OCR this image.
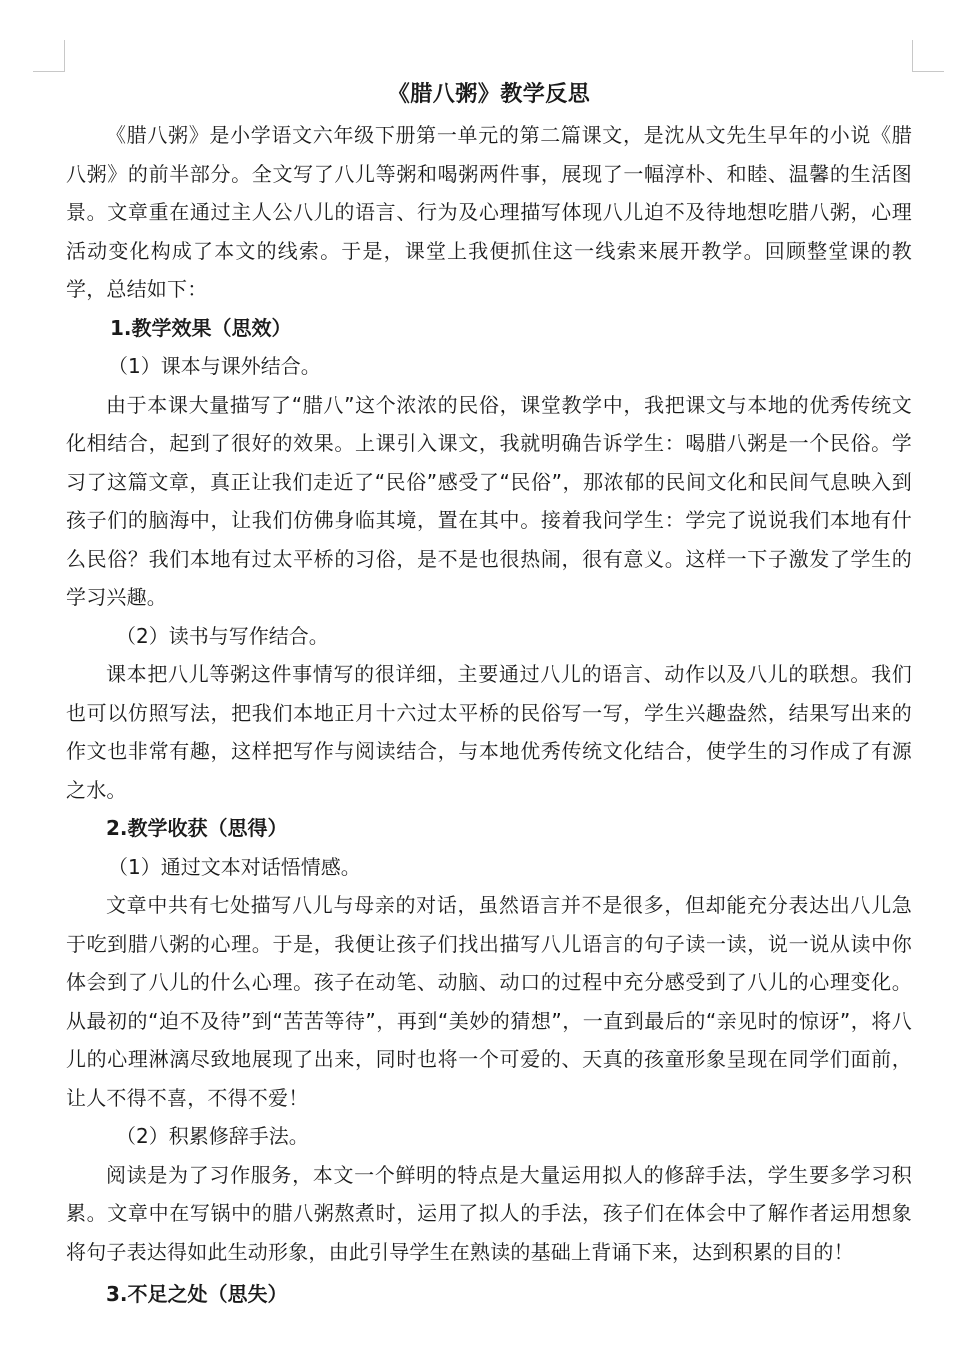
《腊八粥》教学反思

《腊八粥》是小学语文六年级下册第一单元的第二篇课文，是沈从文先生早年的小说《腊八粥》的前半部分。全文写了八儿等粥和喝粥两件事，展现了一幅淳朴、和睦、温馨的生活图景。文章重在通过主人公八儿的语言、行为及心理描写体现八儿迫不及待地想吃腊八粥，心理活动变化构成了本文的线索。于是，课堂上我便抓住这一线索来展开教学。回顾整堂课的教学，总结如下：

1.教学效果（思效）

（1）课本与课外结合。

由于本课大量描写了“腊八”这个浓浓的民俗，课堂教学中，我把课文与本地的优秀传统文化相结合，起到了很好的效果。上课引入课文，我就明确告诉学生：喝腊八粥是一个民俗。学习了这篇文章，真正让我们走近了“民俗”感受了“民俗”，那浓郁的民间文化和民间气息映入到孩子们的脑海中，让我们仿佛身临其境，置在其中。接着我问学生：学完了说说我们本地有什么民俗？我们本地有过太平桥的习俗，是不是也很热闹，很有意义。这样一下子激发了学生的学习兴趣。

（2）读书与写作结合。

课本把八儿等粥这件事情写的很详细，主要通过八儿的语言、动作以及八儿的联想。我们也可以仿照写法，把我们本地正月十六过太平桥的民俗写一写，学生兴趣盎然，结果写出来的作文也非常有趣，这样把写作与阅读结合，与本地优秀传统文化结合，使学生的习作成了有源之水。

2.教学收获（思得）

（1）通过文本对话悟情感。

文章中共有七处描写八儿与母亲的对话，虽然语言并不是很多，但却能充分表达出八儿急于吃到腊八粥的心理。于是，我便让孩子们找出描写八儿语言的句子读一读，说一说从读中你体会到了八儿的什么心理。孩子在动笔、动脑、动口的过程中充分感受到了八儿的心理变化。从最初的“迫不及待”到“苦苦等待”，再到“美妙的猜想”，一直到最后的“亲见时的惊讶”，将八儿的心理淋漓尽致地展现了出来，同时也将一个可爱的、天真的孩童形象呈现在同学们面前，让人不得不喜，不得不爱！

（2）积累修辞手法。

阅读是为了习作服务，本文一个鲜明的特点是大量运用拟人的修辞手法，学生要多学习积累。文章中在写锅中的腊八粥熬煮时，运用了拟人的手法，孩子们在体会中了解作者运用想象将句子表达得如此生动形象，由此引导学生在熟读的基础上背诵下来，达到积累的目的！

3.不足之处（思失）
